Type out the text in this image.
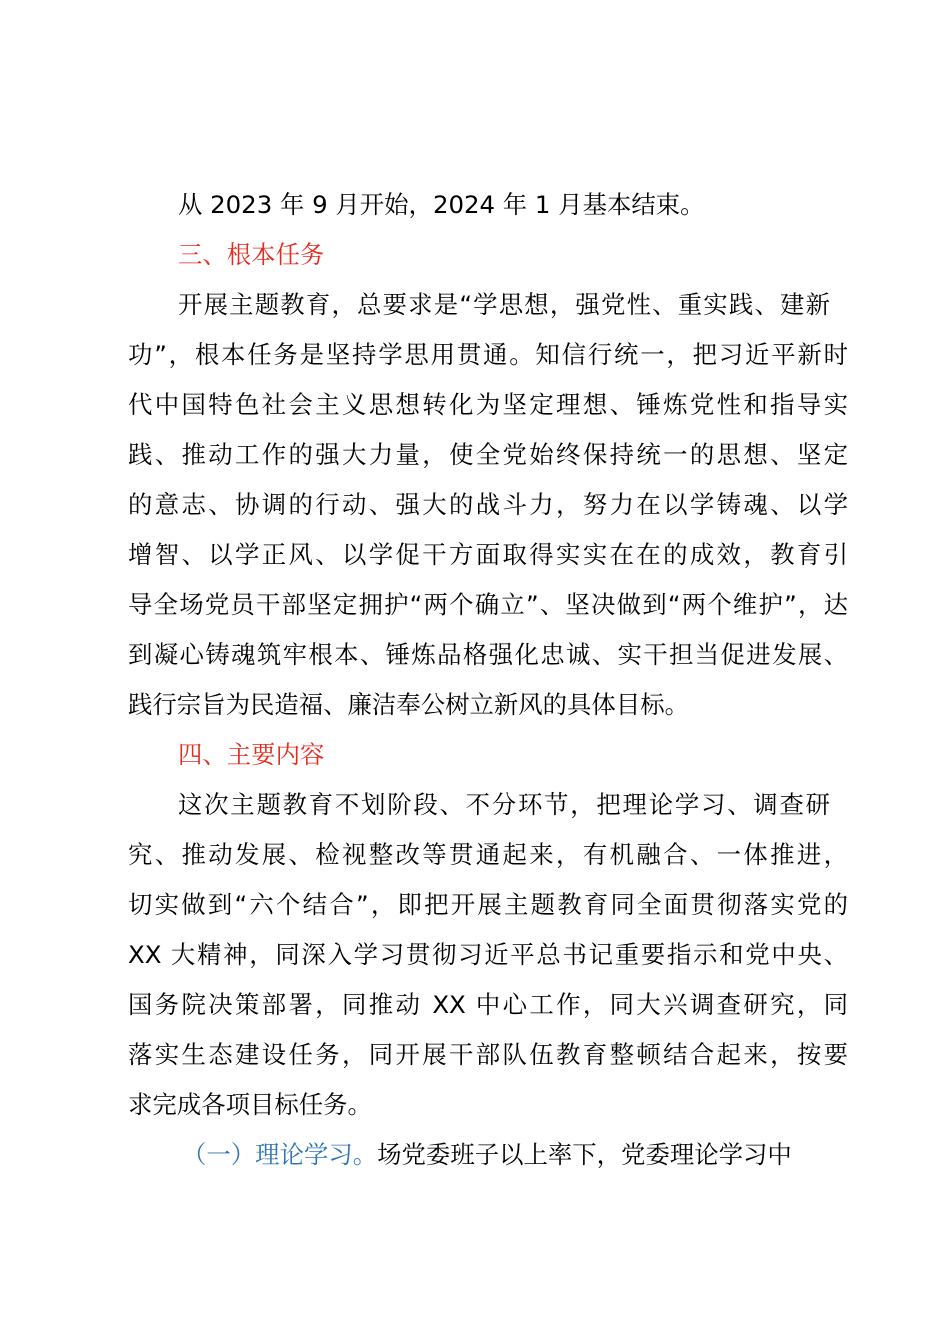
从 2023 年 9 月开始，2024 年 1 月基本结束。
三、根本任务
开展主题教育，总要求是“学思想，强党性、重实践、建新
功”，根本任务是坚持学思用贯通。知信行统一，把习近平新时
代中国特色社会主义思想转化为坚定理想、锤炼党性和指导实
践、推动工作的强大力量，使全党始终保持统一的思想、坚定
的意志、协调的行动、强大的战斗力，努力在以学铸魂、以学
增智、以学正风、以学促干方面取得实实在在的成效，教育引
导全场党员干部坚定拥护“两个确立”、坚决做到“两个维护”，达
到凝心铸魂筑牢根本、锤炼品格强化忠诚、实干担当促进发展、
践行宗旨为民造福、廉洁奉公树立新风的具体目标。
四、主要内容
这次主题教育不划阶段、不分环节，把理论学习、调查研
究、推动发展、检视整改等贯通起来，有机融合、一体推进，
切实做到“六个结合”，即把开展主题教育同全面贯彻落实党的
XX 大精神，同深入学习贯彻习近平总书记重要指示和党中央、
国务院决策部署，同推动 XX 中心工作，同大兴调查研究，同
落实生态建设任务，同开展干部队伍教育整顿结合起来，按要
求完成各项目标任务。
（一）理论学习。场党委班子以上率下，党委理论学习中
